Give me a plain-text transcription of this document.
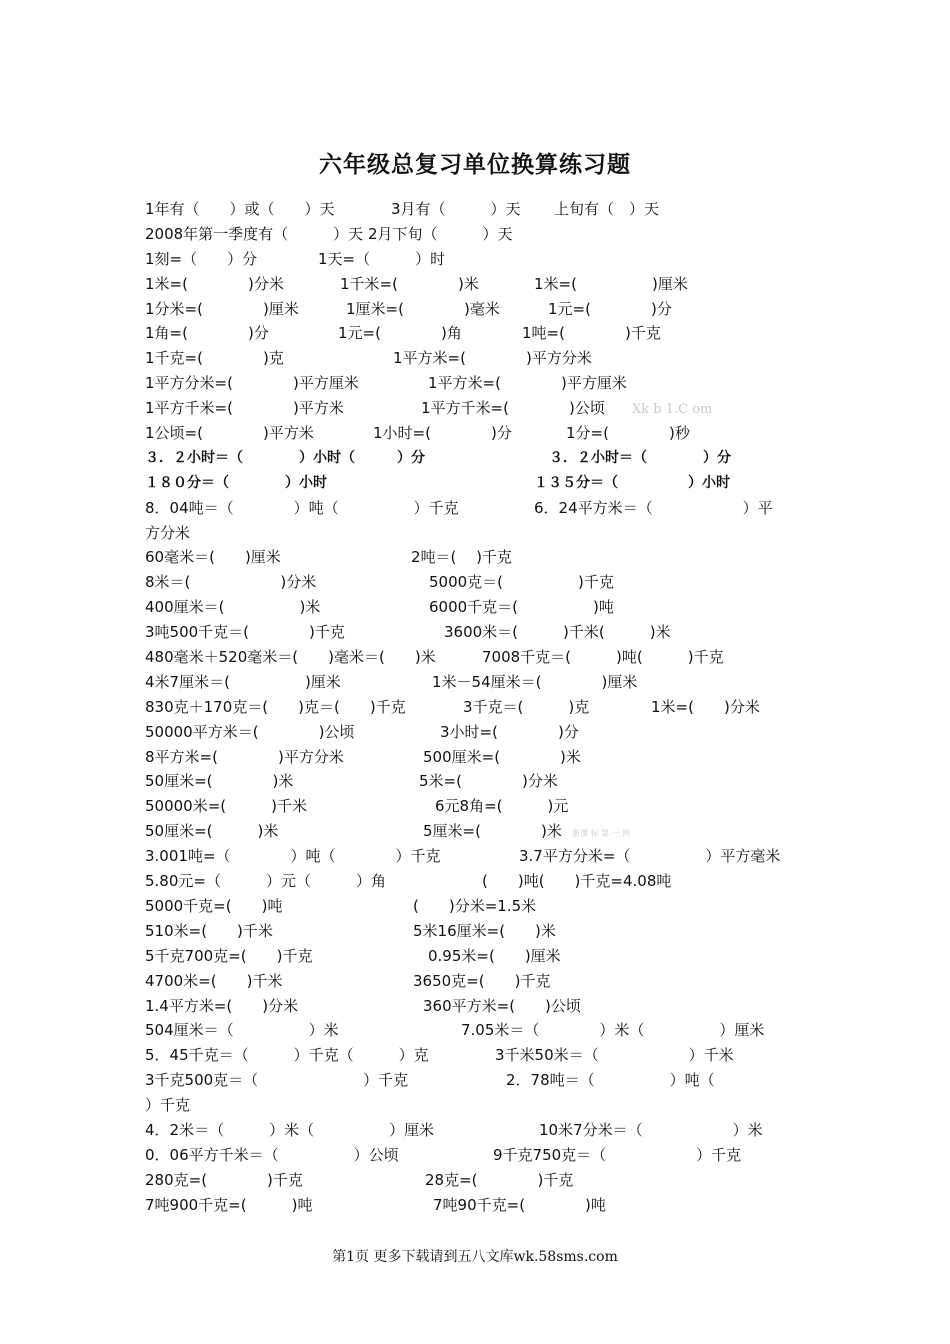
六年级总复习单位换算练习题
1年有（　　）或（　　）天	3月有（　　　）天 上旬有（　）天
2008年第一季度有（　　　）天 2月下旬（　　　）天
1刻=（　　）分	1天=（　　　）时
1米=(　　　　)分米	1千米=(　　　　)米	1米=(　　　　　)厘米
1分米=(　　　　)厘米	1厘米=(　　　　)毫米	1元=(　　　　)分
1角=(　　　　)分	1元=(　　　　)角	1吨=(　　　　)千克
1千克=(　　　　)克	1平方米=(　　　　)平方分米
1平方分米=(　　　　)平方厘米	1平方米=(　　　　)平方厘米
1平方千米=(　　　　)平方米	1平方千米=(　　　　)公顷
1公顷=(　　　　)平方米	1小时=(　　　　)分	1分=(　　　　)秒
３．２小时＝（　　　　）小时（　　　）分	３．２小时＝（　　　　）分
１８０分＝（　　　　）小时	１３５分＝（　　　　　）小时
8．04吨＝（　　　　）吨（　　　　　）千克	6．24平方米＝（　　　　　　）平
方分米
60毫米＝(　　)厘米	2吨＝(　 )千克
8米＝(　　　　　　)分米	5000克＝(　　　　　)千克
400厘米＝(　　　　　)米	6000千克＝(　　　　　)吨
3吨500千克＝(　　　　)千克	3600米＝(　　　)千米(　　　)米
480毫米＋520毫米＝(　　)毫米＝(　　)米	7008千克＝(　　　)吨(　　　)千克
4米7厘米＝(　　　　　)厘米	1米－54厘米＝(　　　　)厘米
830克＋170克＝(　　)克＝(　　)千克	3千克＝(　　　)克	1米=(　　)分米
50000平方米＝(　　　　)公顷	3小时=(　　　　)分
8平方米=(　　　　)平方分米	500厘米=(　　　　)米
50厘米=(　　　　)米	5米=(　　　　)分米
50000米=(　　　)千米	6元8角=(　　　)元
50厘米=(　　　)米	5厘米=(　　　　)米
3.001吨=（　　　　）吨（　　　　）千克	3.7平方分米=（　　　　　）平方毫米
5.80元=（　　　）元（　　　）角	(　　)吨(　　)千克=4.08吨
5000千克=(　　)吨	(　　)分米=1.5米
510米=(　　)千米	5米16厘米=(　　)米
5千克700克=(　　)千克	0.95米=(　　)厘米
4700米=(　　)千米	3650克=(　　)千克
1.4平方米=(　　)分米	360平方米=(　　)公顷
504厘米＝（　　　　　）米	7.05米＝（　　　　）米（　　　　　）厘米
5．45千克＝（　　　）千克（　　　）克	3千米50米＝（　　　　　　）千米
3千克500克＝（　　　　　　　）千克	2．78吨＝（　　　　　）吨（
）千克
4．2米＝（　　　）米（　　　　　）厘米	10米7分米＝（　　　　　　）米
0．06平方千米＝（　　　　　）公顷	9千克750克＝（　　　　　　）千克
280克=(　　　　)千克	28克=(　　　　)千克
7吨900千克=(　　　)吨	7吨90千克=(　　　　)吨
Xk b 1.C om
新课 标 第 一 网
第1页 更多下载请到五八文库wk.58sms.com
